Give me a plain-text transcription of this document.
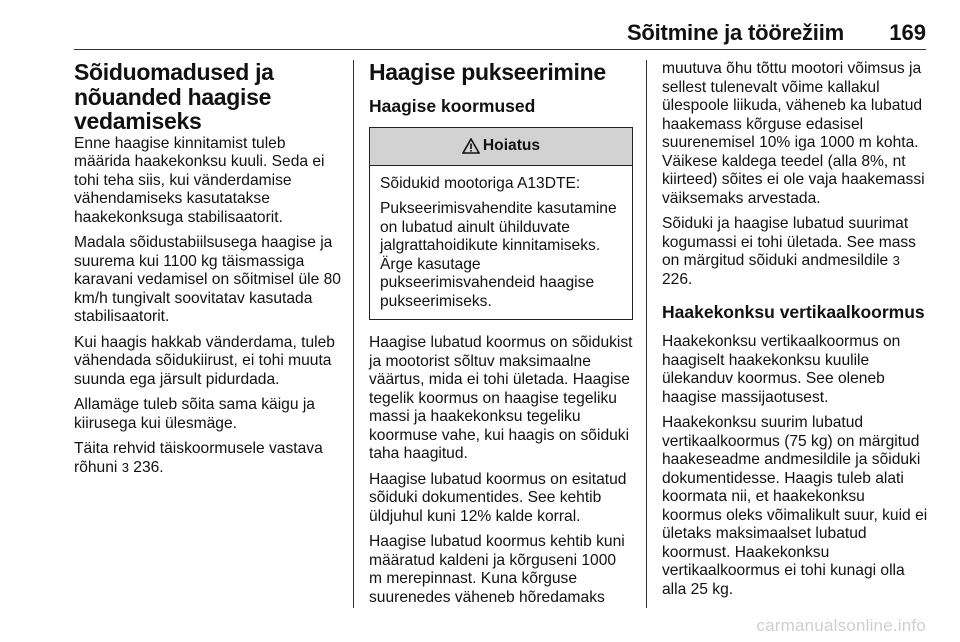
Sõitmine ja töörežiim 169
Sõiduomadused ja nõuanded haagise vedamiseks

Enne haagise kinnitamist tuleb määrida haakekonksu kuuli. Seda ei tohi teha siis, kui vänderdamise vähendamiseks kasutatakse haakekonksuga stabilisaatorit.

Madala sõidustabiilsusega haagise ja suurema kui 1100 kg täismassiga karavani vedamisel on sõitmisel üle 80 km/h tungivalt soovitatav kasutada stabilisaatorit.

Kui haagis hakkab vänderdama, tuleb vähendada sõidukiirust, ei tohi muuta suunda ega järsult pidurdada.

Allamäge tuleb sõita sama käigu ja kiirusega kui ülesmäge.

Täita rehvid täiskoormusele vastava rõhuni 3 236.

Haagise pukseerimine
Haagise koormused
Hoiatus

Sõidukid mootoriga A13DTE:

Pukseerimisvahendite kasutamine on lubatud ainult ühilduvate jalgrattahoidikute kinnitamiseks. Ärge kasutage pukseerimisvahendeid haagise pukseerimiseks.

Haagise lubatud koormus on sõidukist ja mootorist sõltuv maksimaalne väärtus, mida ei tohi ületada. Haagise tegelik koormus on haagise tegeliku massi ja haakekonksu tegeliku koormuse vahe, kui haagis on sõiduki taha haagitud.

Haagise lubatud koormus on esitatud sõiduki dokumentides. See kehtib üldjuhul kuni 12% kalde korral.

Haagise lubatud koormus kehtib kuni määratud kaldeni ja kõrguseni 1000 m merepinnast. Kuna kõrguse suurenedes väheneb hõredamaks

muutuva õhu tõttu mootori võimsus ja sellest tulenevalt võime kallakul ülespoole liikuda, väheneb ka lubatud haakemass kõrguse edasisel suurenemisel 10% iga 1000 m kohta. Väikese kaldega teedel (alla 8%, nt kiirteed) sõites ei ole vaja haakemassi väiksemaks arvestada.

Sõiduki ja haagise lubatud suurimat kogumassi ei tohi ületada. See mass on märgitud sõiduki andmesildile 3 226.

Haakekonksu vertikaalkoormus

Haakekonksu vertikaalkoormus on haagiselt haakekonksu kuulile ülekanduv koormus. See oleneb haagise massijaotusest.

Haakekonksu suurim lubatud vertikaalkoormus (75 kg) on märgitud haakeseadme andmesildile ja sõiduki dokumentidesse. Haagis tuleb alati koormata nii, et haakekonksu koormus oleks võimalikult suur, kuid ei ületaks maksimaalset lubatud koormust. Haakekonksu vertikaalkoormus ei tohi kunagi olla alla 25 kg.

carmanualsonline.info
